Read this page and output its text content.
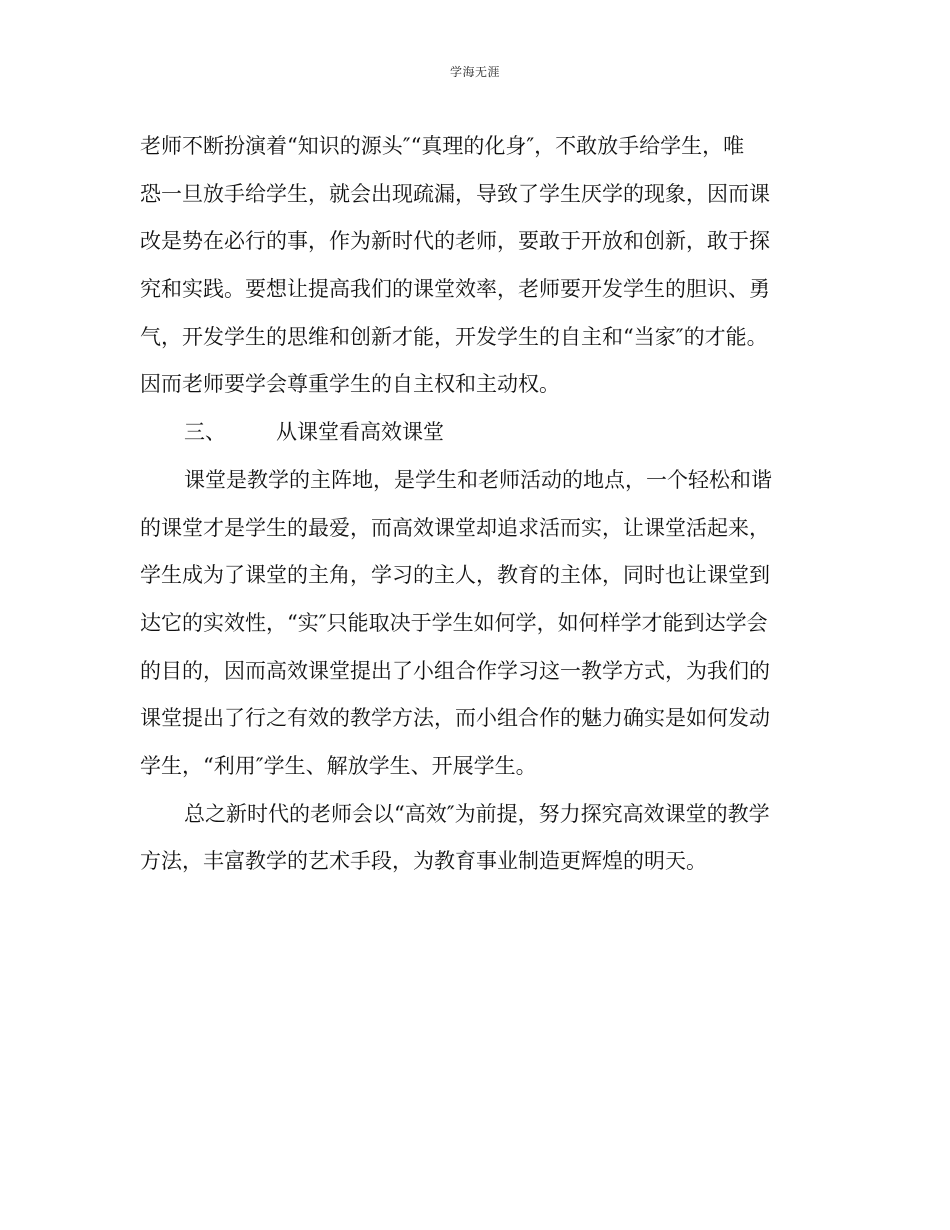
学海无涯
老师不断扮演着“知识的源头″“真理的化身″，不敢放手给学生，唯
恐一旦放手给学生，就会出现疏漏，导致了学生厌学的现象，因而课
改是势在必行的事，作为新时代的老师，要敢于开放和创新，敢于探
究和实践。要想让提高我们的课堂效率，老师要开发学生的胆识、勇
气，开发学生的思维和创新才能，开发学生的自主和“当家″的才能。
因而老师要学会尊重学生的自主权和主动权。
三、 从课堂看高效课堂
课堂是教学的主阵地，是学生和老师活动的地点，一个轻松和谐
的课堂才是学生的最爱，而高效课堂却追求活而实，让课堂活起来，
学生成为了课堂的主角，学习的主人，教育的主体，同时也让课堂到
达它的实效性，“实″只能取决于学生如何学，如何样学才能到达学会
的目的，因而高效课堂提出了小组合作学习这一教学方式，为我们的
课堂提出了行之有效的教学方法，而小组合作的魅力确实是如何发动
学生，“利用″学生、解放学生、开展学生。
总之新时代的老师会以“高效″为前提，努力探究高效课堂的教学
方法，丰富教学的艺术手段，为教育事业制造更辉煌的明天。
